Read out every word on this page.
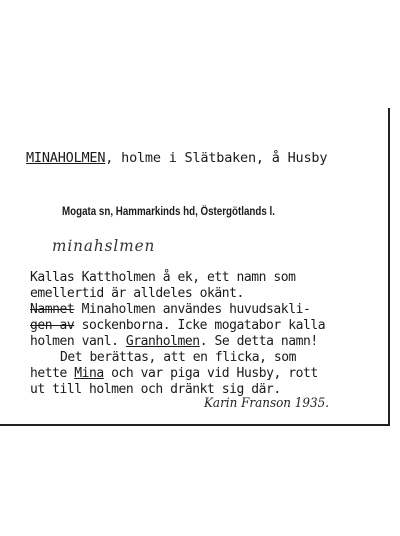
MINAHOLMEN, holme i Slätbaken, å Husby
Mogata sn, Hammarkinds hd, Östergötlands l.
minahslmen
Kallas Kattholmen å ek, ett namn som
emellertid är alldeles okänt.
Namnet Minaholmen användes huvudsakli-
gen av sockenborna. Icke mogatabor kalla
holmen vanl. Granholmen. Se detta namn!
Det berättas, att en flicka, som
hette Mina och var piga vid Husby, rott
ut till holmen och dränkt sig där.
Karin Franson 1935.
